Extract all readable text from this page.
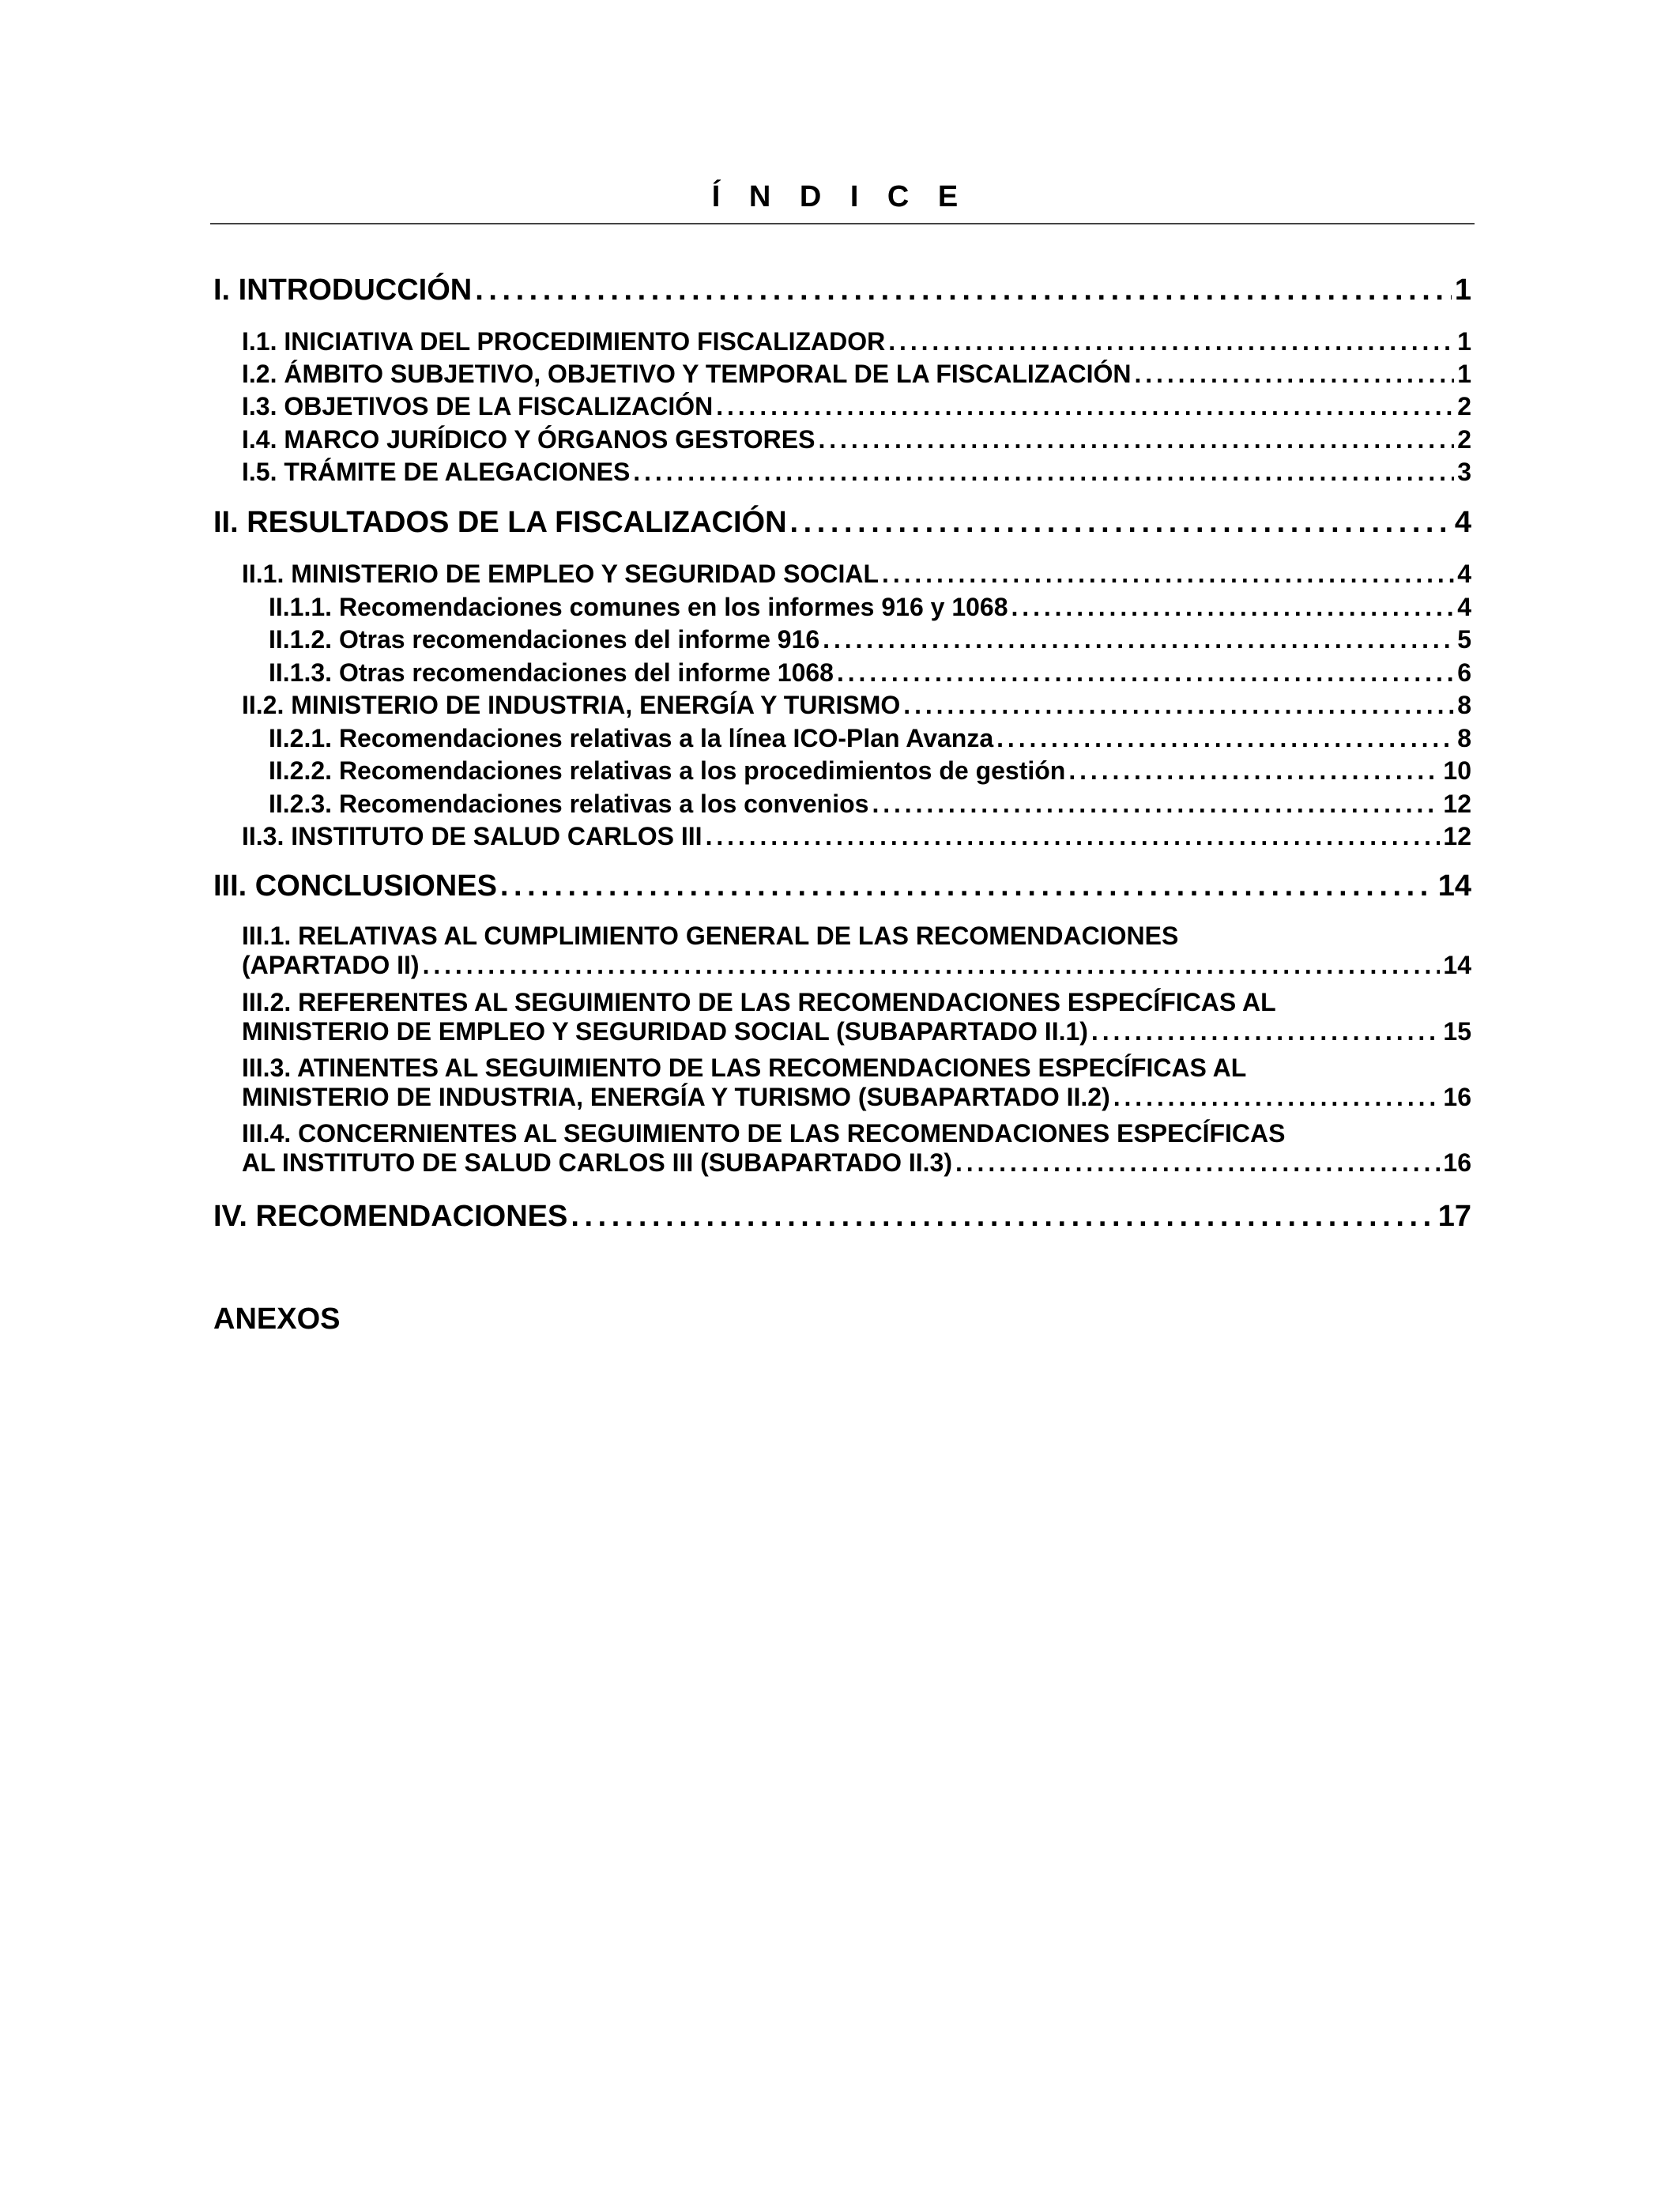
Í N D I C E
I. INTRODUCCIÓN . . .	1
I.1. INICIATIVA DEL PROCEDIMIENTO FISCALIZADOR . . .	1
I.2. ÁMBITO SUBJETIVO, OBJETIVO Y TEMPORAL DE LA FISCALIZACIÓN . . .	1
I.3. OBJETIVOS DE LA FISCALIZACIÓN . . .	2
I.4. MARCO JURÍDICO Y ÓRGANOS GESTORES . . .	2
I.5. TRÁMITE DE ALEGACIONES . . .	3
II. RESULTADOS DE LA FISCALIZACIÓN . . .	4
II.1. MINISTERIO DE EMPLEO Y SEGURIDAD SOCIAL . . .	4
II.1.1. Recomendaciones comunes en los informes 916 y 1068 . . .	4
II.1.2. Otras recomendaciones del informe 916 . . .	5
II.1.3. Otras recomendaciones del informe 1068 . . .	6
II.2. MINISTERIO DE INDUSTRIA, ENERGÍA Y TURISMO . . .	8
II.2.1. Recomendaciones relativas a la línea ICO-Plan Avanza . . .	8
II.2.2. Recomendaciones relativas a los procedimientos de gestión . . .	10
II.2.3. Recomendaciones relativas a los convenios . . .	12
II.3. INSTITUTO DE SALUD CARLOS III . . .	12
III. CONCLUSIONES . . .	14
III.1. RELATIVAS AL CUMPLIMIENTO GENERAL DE LAS RECOMENDACIONES
(APARTADO II) . . .	14
III.2. REFERENTES AL SEGUIMIENTO DE LAS RECOMENDACIONES ESPECÍFICAS AL
MINISTERIO DE EMPLEO Y SEGURIDAD SOCIAL (SUBAPARTADO II.1) . . .	15
III.3. ATINENTES AL SEGUIMIENTO DE LAS RECOMENDACIONES ESPECÍFICAS AL
MINISTERIO DE INDUSTRIA, ENERGÍA Y TURISMO (SUBAPARTADO II.2) . . .	16
III.4. CONCERNIENTES AL SEGUIMIENTO DE LAS RECOMENDACIONES ESPECÍFICAS
AL INSTITUTO DE SALUD CARLOS III (SUBAPARTADO II.3) . . .	16
IV. RECOMENDACIONES . . .	17
ANEXOS
